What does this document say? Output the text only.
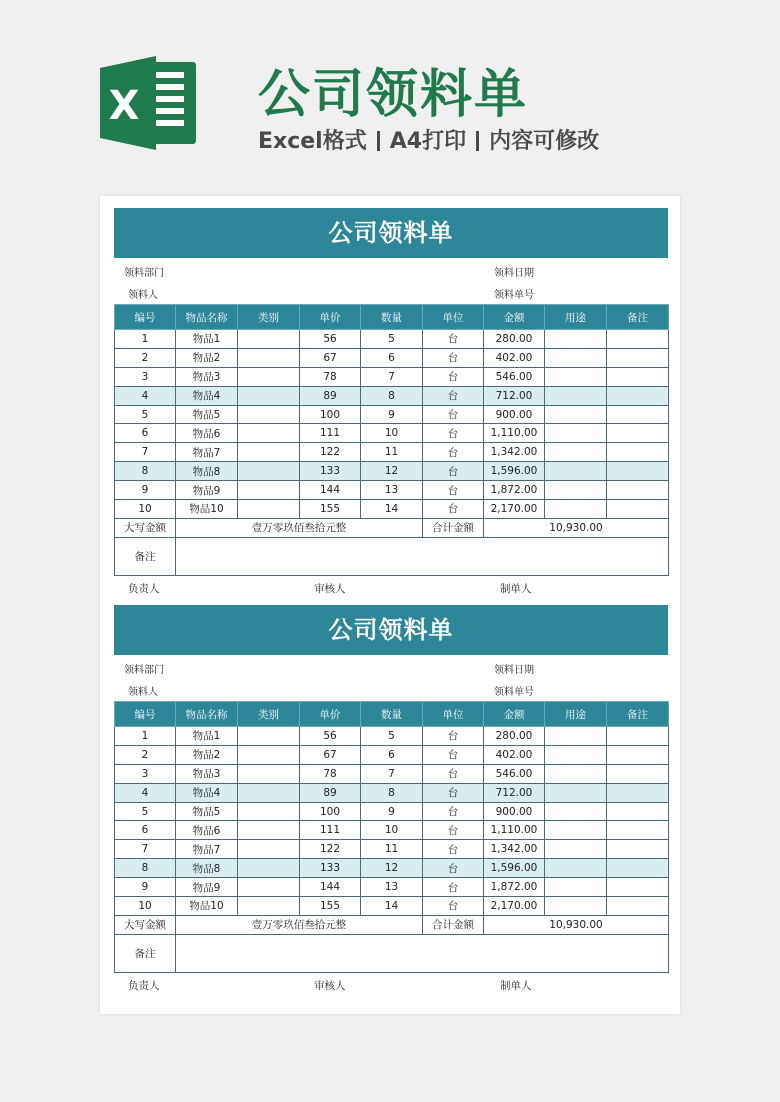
X 公司领料单
Excel格式 A4打印 内容可修改
公司领料单
领料部门	领料日期
领料人	领料单号
编号	物品名称	类别	单价	数量	单位	金额	用途	备注
1	物品1		56	5	台	280.00		
2	物品2		67	6	台	402.00		
3	物品3		78	7	台	546.00		
4	物品4		89	8	台	712.00		
5	物品5		100	9	台	900.00		
6	物品6		111	10	台	1,110.00		
7	物品7		122	11	台	1,342.00		
8	物品8		133	12	台	1,596.00		
9	物品9		144	13	台	1,872.00		
10	物品10		155	14	台	2,170.00		
大写金额	壹万零玖佰叁拾元整				合计金额	10,930.00		
备注								
负责人	审核人	制单人
公司领料单
领料部门	领料日期
领料人	领料单号
编号	物品名称	类别	单价	数量	单位	金额	用途	备注
1	物品1		56	5	台	280.00		
2	物品2		67	6	台	402.00		
3	物品3		78	7	台	546.00		
4	物品4		89	8	台	712.00		
5	物品5		100	9	台	900.00		
6	物品6		111	10	台	1,110.00		
7	物品7		122	11	台	1,342.00		
8	物品8		133	12	台	1,596.00		
9	物品9		144	13	台	1,872.00		
10	物品10		155	14	台	2,170.00		
大写金额	壹万零玖佰叁拾元整				合计金额	10,930.00		
备注								
负责人	审核人	制单人
